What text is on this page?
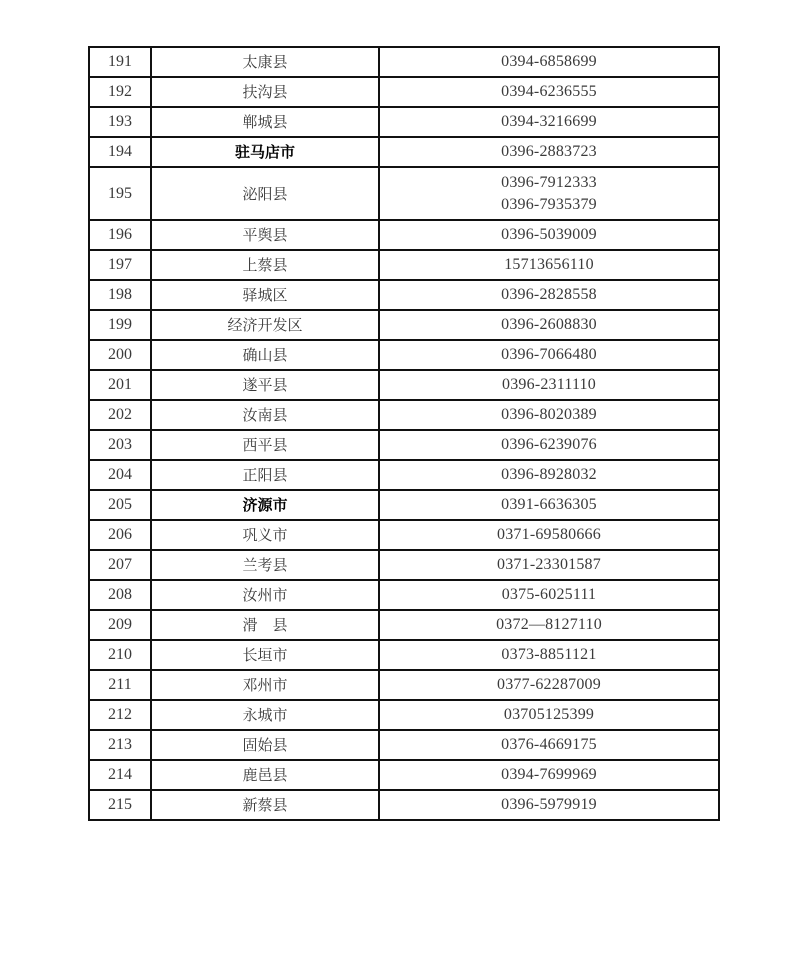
191	太康县	0394-6858699

192	扶沟县	0394-6236555

193	郸城县	0394-3216699

194	驻马店市	0396-2883723

195	泌阳县	0396-7912333
0396-7935379

196	平舆县	0396-5039009

197	上蔡县	15713656110

198	驿城区	0396-2828558

199	经济开发区	0396-2608830

200	确山县	0396-7066480

201	遂平县	0396-2311110

202	汝南县	0396-8020389

203	西平县	0396-6239076

204	正阳县	0396-8928032

205	济源市	0391-6636305

206	巩义市	0371-69580666

207	兰考县	0371-23301587

208	汝州市	0375-6025111

209	滑　县	0372—8127110

210	长垣市	0373-8851121

211	邓州市	0377-62287009

212	永城市	03705125399

213	固始县	0376-4669175

214	鹿邑县	0394-7699969

215	新蔡县	0396-5979919
